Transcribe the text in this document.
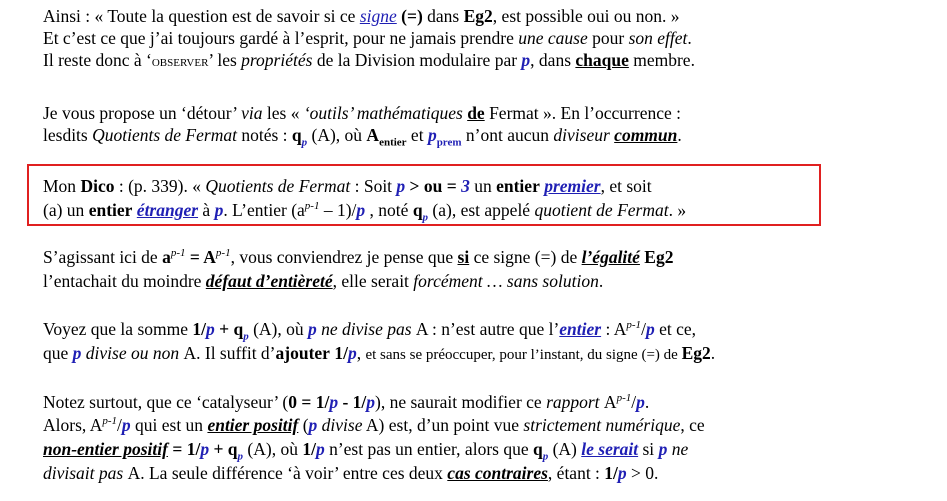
Ainsi : « Toute la question est de savoir si ce signe (=) dans Eg2, est possible oui ou non. »
Et c’est ce que j’ai toujours gardé à l’esprit, pour ne jamais prendre une cause pour son effet.
Il reste donc à ‘observer’ les propriétés de la Division modulaire par p, dans chaque membre.
Je vous propose un ‘détour’ via les « ‘outils’ mathématiques de Fermat ». En l’occurrence :
lesdits Quotients de Fermat notés : $q_p$ (A), où $A_{entier}$ et $p_{prem}$ n’ont aucun diviseur commun.
Mon Dico : (p. 339). « Quotients de Fermat : Soit p > ou = 3 un entier premier, et soit
(a) un entier étranger à p. L’entier $(a^{p-1} - 1)/p$ , noté $q_p$ (a), est appelé quotient de Fermat. »
S’agissant ici de $a^{p-1} = A^{p-1}$, vous conviendrez je pense que si ce signe (=) de l’égalité Eg2
l’entachait du moindre défaut d’entièreté, elle serait forcément … sans solution.
Voyez que la somme $1/p + q_p$ (A), où p ne divise pas A : n’est autre que l’entier : $A^{p-1}/p$ et ce,
que p divise ou non A. Il suffit d’ajouter 1/p, et sans se préoccuper, pour l’instant, du signe (=) de Eg2.
Notez surtout, que ce ‘catalyseur’ (0 = 1/p - 1/p), ne saurait modifier ce rapport $A^{p-1}/p$.
Alors, $A^{p-1}/p$ qui est un entier positif (p divise A) est, d’un point vue strictement numérique, ce
non-entier positif = $1/p + q_p$ (A), où 1/p n’est pas un entier, alors que $q_p$ (A) le serait si p ne
divisait pas A. La seule différence ‘à voir’ entre ces deux cas contraires, étant : 1/p > 0.
